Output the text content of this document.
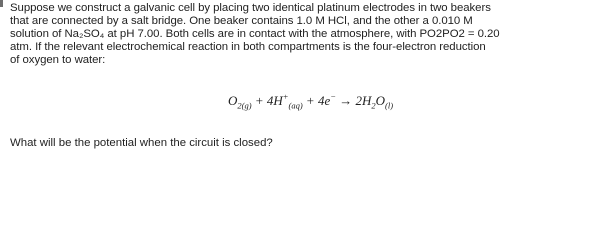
Suppose we construct a galvanic cell by placing two identical platinum electrodes in two beakers

that are connected by a salt bridge. One beaker contains 1.0 M HCl, and the other a 0.010 M

solution of Na₂SO₄ at pH 7.00. Both cells are in contact with the atmosphere, with PO2PO2 = 0.20

atm. If the relevant electrochemical reaction in both compartments is the four-electron reduction

of oxygen to water:

$O_{2(g)} + 4H^+_{(aq)} + 4e^- \to 2H_2O_{(l)}$

What will be the potential when the circuit is closed?
